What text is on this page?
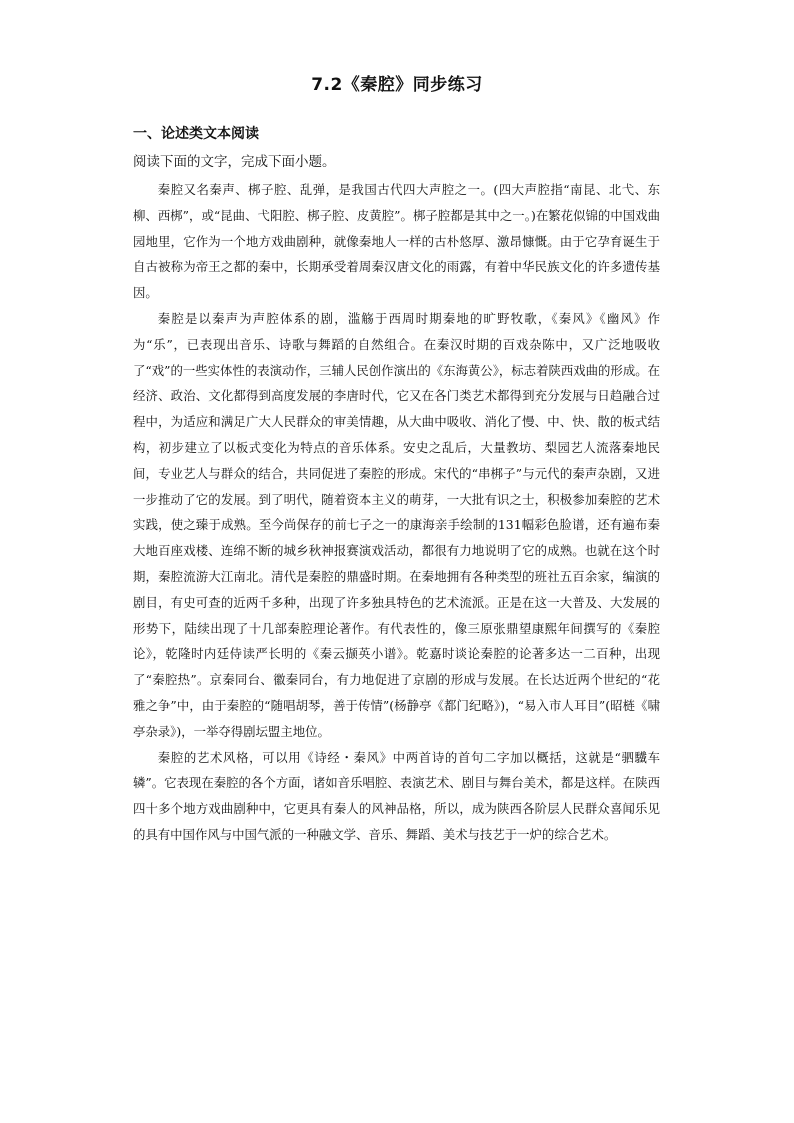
7.2《秦腔》同步练习
一、论述类文本阅读
阅读下面的文字，完成下面小题。

秦腔又名秦声、梆子腔、乱弹，是我国古代四大声腔之一。(四大声腔指“南昆、北弋、东柳、西梆”，或“昆曲、弋阳腔、梆子腔、皮黄腔”。梆子腔都是其中之一。)在繁花似锦的中国戏曲园地里，它作为一个地方戏曲剧种，就像秦地人一样的古朴悠厚、激昂慷慨。由于它孕育诞生于自古被称为帝王之都的秦中，长期承受着周秦汉唐文化的雨露，有着中华民族文化的许多遗传基因。

秦腔是以秦声为声腔体系的剧，滥觞于西周时期秦地的旷野牧歌，《秦风》《幽风》作为“乐”，已表现出音乐、诗歌与舞蹈的自然组合。在秦汉时期的百戏杂陈中，又广泛地吸收了“戏”的一些实体性的表演动作，三辅人民创作演出的《东海黄公》，标志着陕西戏曲的形成。在经济、政治、文化都得到高度发展的李唐时代，它又在各门类艺术都得到充分发展与日趋融合过程中，为适应和满足广大人民群众的审美情趣，从大曲中吸收、消化了慢、中、快、散的板式结构，初步建立了以板式变化为特点的音乐体系。安史之乱后，大量教坊、梨园艺人流落秦地民间，专业艺人与群众的结合，共同促进了秦腔的形成。宋代的“串梆子”与元代的秦声杂剧，又进一步推动了它的发展。到了明代，随着资本主义的萌芽，一大批有识之士，积极参加秦腔的艺术实践，使之臻于成熟。至今尚保存的前七子之一的康海亲手绘制的131幅彩色脸谱，还有遍布秦大地百座戏楼、连绵不断的城乡秋神报赛演戏活动，都很有力地说明了它的成熟。也就在这个时期，秦腔流游大江南北。清代是秦腔的鼎盛时期。在秦地拥有各种类型的班社五百余家，编演的剧目，有史可查的近两千多种，出现了许多独具特色的艺术流派。正是在这一大普及、大发展的形势下，陆续出现了十几部秦腔理论著作。有代表性的，像三原张鼎望康熙年间撰写的《秦腔论》，乾隆时内廷侍读严长明的《秦云撷英小谱》。乾嘉时谈论秦腔的论著多达一二百种，出现了“秦腔热”。京秦同台、徽秦同台，有力地促进了京剧的形成与发展。在长达近两个世纪的“花雅之争”中，由于秦腔的“随唱胡琴，善于传情”(杨静亭《都门纪略》)，“易入市人耳目”(昭梿《啸亭杂录》)，一举夺得剧坛盟主地位。

秦腔的艺术风格，可以用《诗经・秦风》中两首诗的首句二字加以概括，这就是“驷驖车辚”。它表现在秦腔的各个方面，诸如音乐唱腔、表演艺术、剧目与舞台美术，都是这样。在陕西四十多个地方戏曲剧种中，它更具有秦人的风神品格，所以，成为陕西各阶层人民群众喜闻乐见的具有中国作风与中国气派的一种融文学、音乐、舞蹈、美术与技艺于一炉的综合艺术。
